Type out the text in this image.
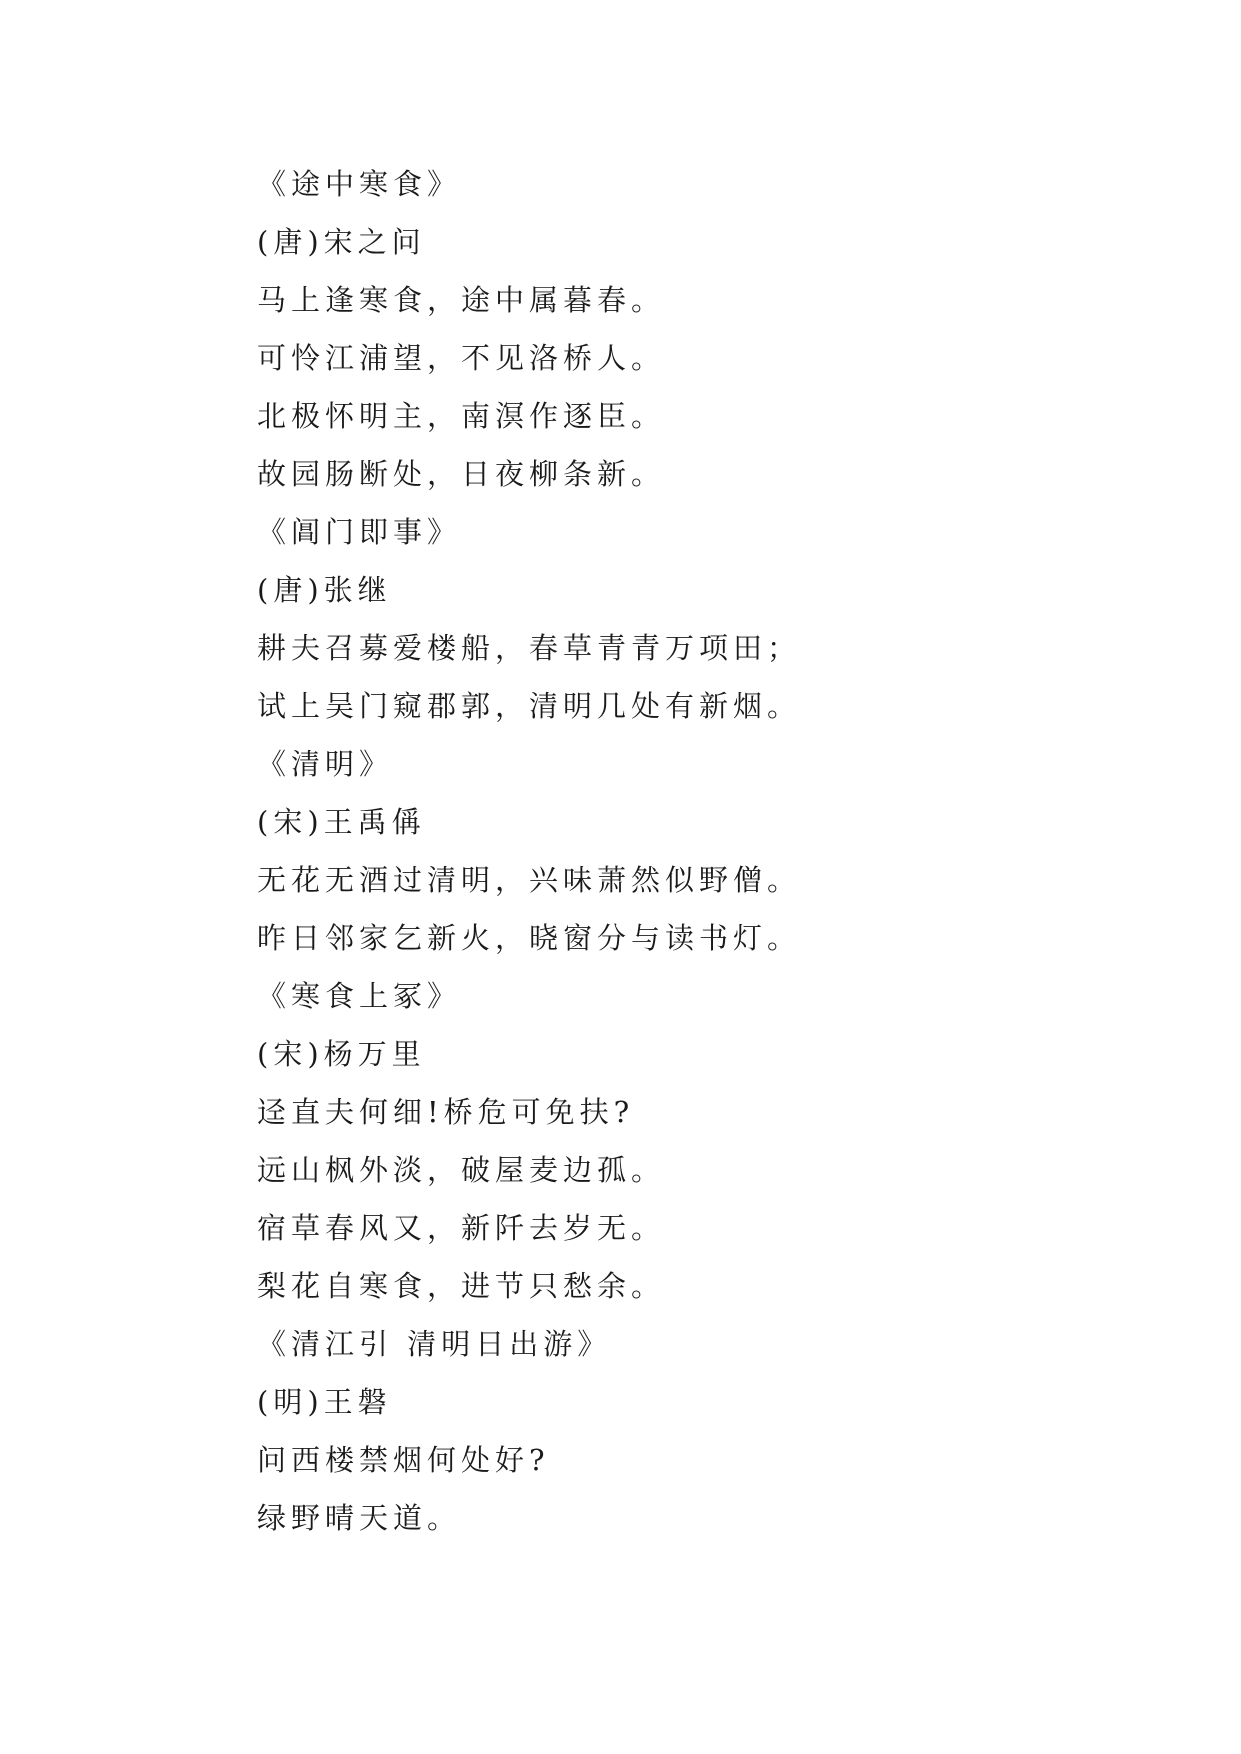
《途中寒食》
(唐)宋之问
马上逢寒食，途中属暮春。
可怜江浦望，不见洛桥人。
北极怀明主，南溟作逐臣。
故园肠断处，日夜柳条新。
《阊门即事》
(唐)张继
耕夫召募爱楼船，春草青青万项田；
试上吴门窥郡郭，清明几处有新烟。
《清明》
(宋)王禹偁
无花无酒过清明，兴味萧然似野僧。
昨日邻家乞新火，晓窗分与读书灯。
《寒食上冢》
(宋)杨万里
迳直夫何细!桥危可免扶?
远山枫外淡，破屋麦边孤。
宿草春风又，新阡去岁无。
梨花自寒食，进节只愁余。
《清江引 清明日出游》
(明)王磐
问西楼禁烟何处好?
绿野晴天道。
